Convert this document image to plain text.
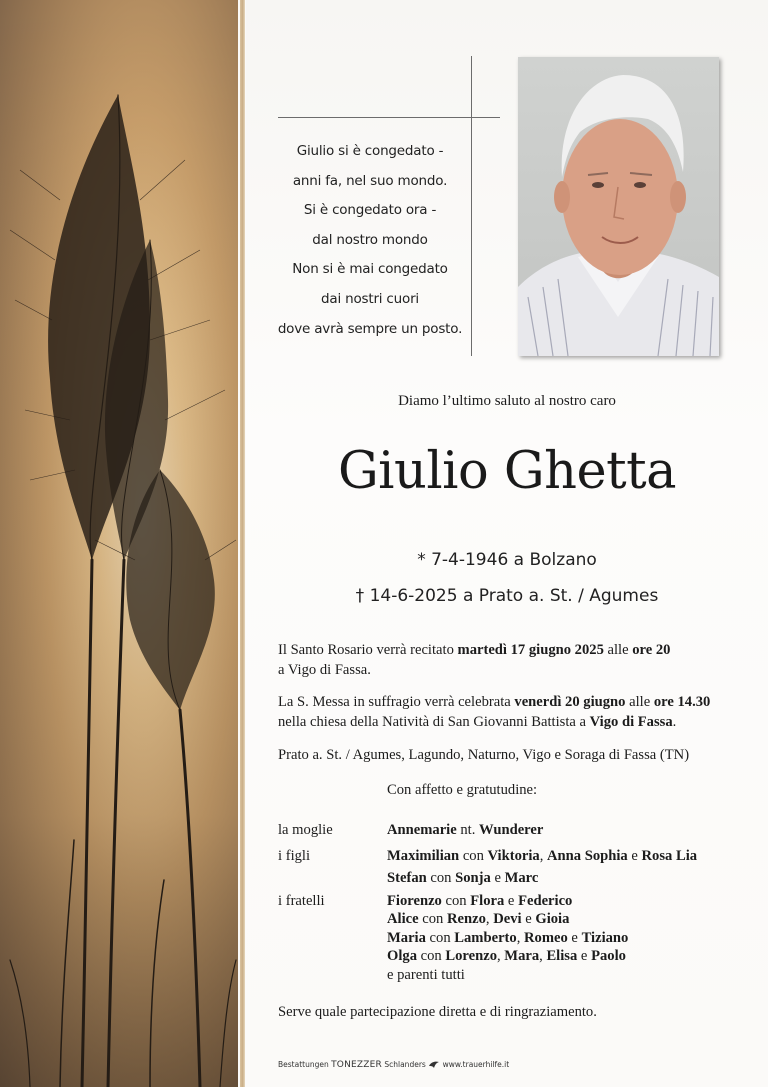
Giulio si è congedato -
anni fa, nel suo mondo.
Si è congedato ora -
dal nostro mondo
Non si è mai congedato
dai nostri cuori
dove avrà sempre un posto.
Diamo l’ultimo saluto al nostro caro
Giulio Ghetta
* 7-4-1946 a Bolzano
† 14-6-2025 a Prato a. St. / Agumes
Il Santo Rosario verrà recitato martedì 17 giugno 2025 alle ore 20
a Vigo di Fassa.
La S. Messa in suffragio verrà celebrata venerdì 20 giugno alle ore 14.30
nella chiesa della Natività di San Giovanni Battista a Vigo di Fassa.
Prato a. St. / Agumes, Lagundo, Naturno, Vigo e Soraga di Fassa (TN)
Con affetto e gratutudine:
la moglie	Annemarie nt. Wunderer
i figli	Maximilian con Viktoria, Anna Sophia e Rosa Lia
Stefan con Sonja e Marc
i fratelli	Fiorenzo con Flora e Federico
Alice con Renzo, Devi e Gioia
Maria con Lamberto, Romeo e Tiziano
Olga con Lorenzo, Mara, Elisa e Paolo
e parenti tutti
Serve quale partecipazione diretta e di ringraziamento.
Bestattungen TONEZZER Schlanders  www.trauerhilfe.it
